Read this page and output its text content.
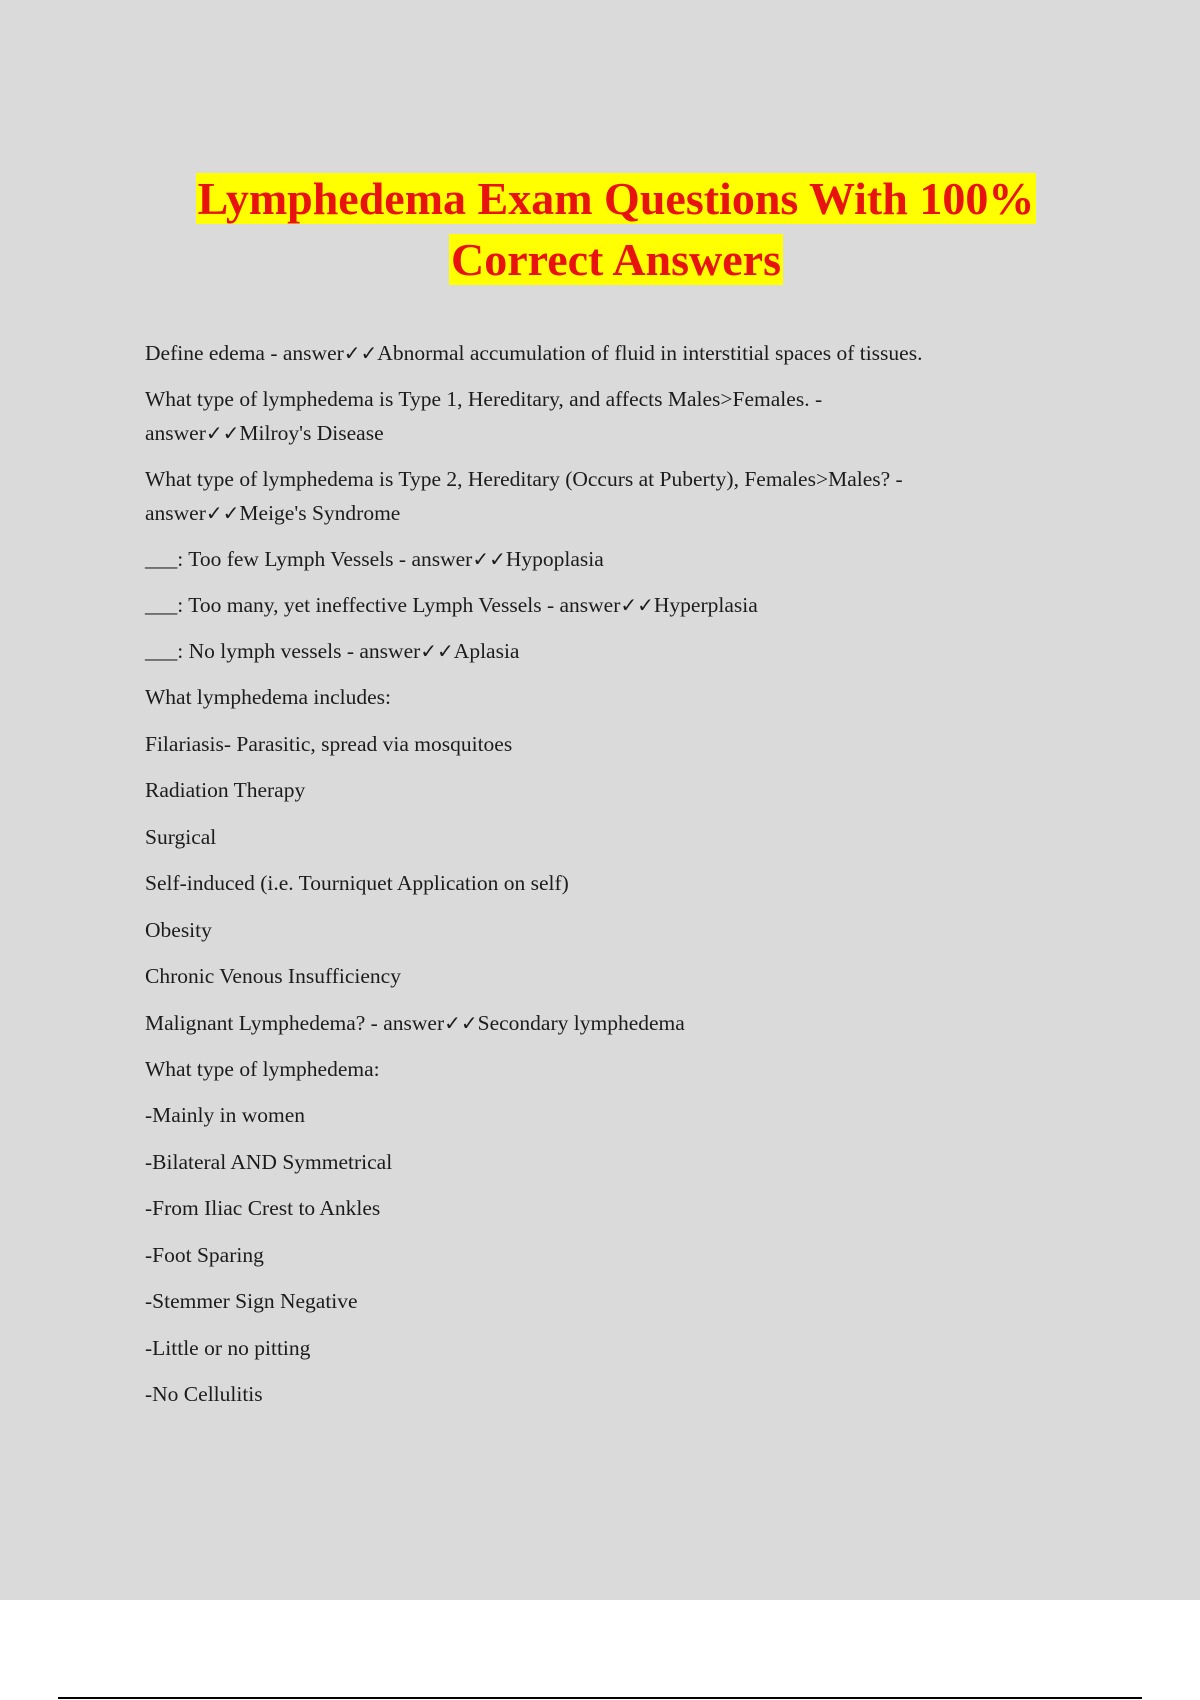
Lymphedema Exam Questions With 100%
Correct Answers
Define edema - answer✓✓Abnormal accumulation of fluid in interstitial spaces of tissues.
What type of lymphedema is Type 1, Hereditary, and affects Males>Females. -
answer✓✓Milroy's Disease
What type of lymphedema is Type 2, Hereditary (Occurs at Puberty), Females>Males? -
answer✓✓Meige's Syndrome
___: Too few Lymph Vessels - answer✓✓Hypoplasia
___: Too many, yet ineffective Lymph Vessels - answer✓✓Hyperplasia
___: No lymph vessels - answer✓✓Aplasia
What lymphedema includes:
Filariasis- Parasitic, spread via mosquitoes
Radiation Therapy
Surgical
Self-induced (i.e. Tourniquet Application on self)
Obesity
Chronic Venous Insufficiency
Malignant Lymphedema? - answer✓✓Secondary lymphedema
What type of lymphedema:
-Mainly in women
-Bilateral AND Symmetrical
-From Iliac Crest to Ankles
-Foot Sparing
-Stemmer Sign Negative
-Little or no pitting
-No Cellulitis
